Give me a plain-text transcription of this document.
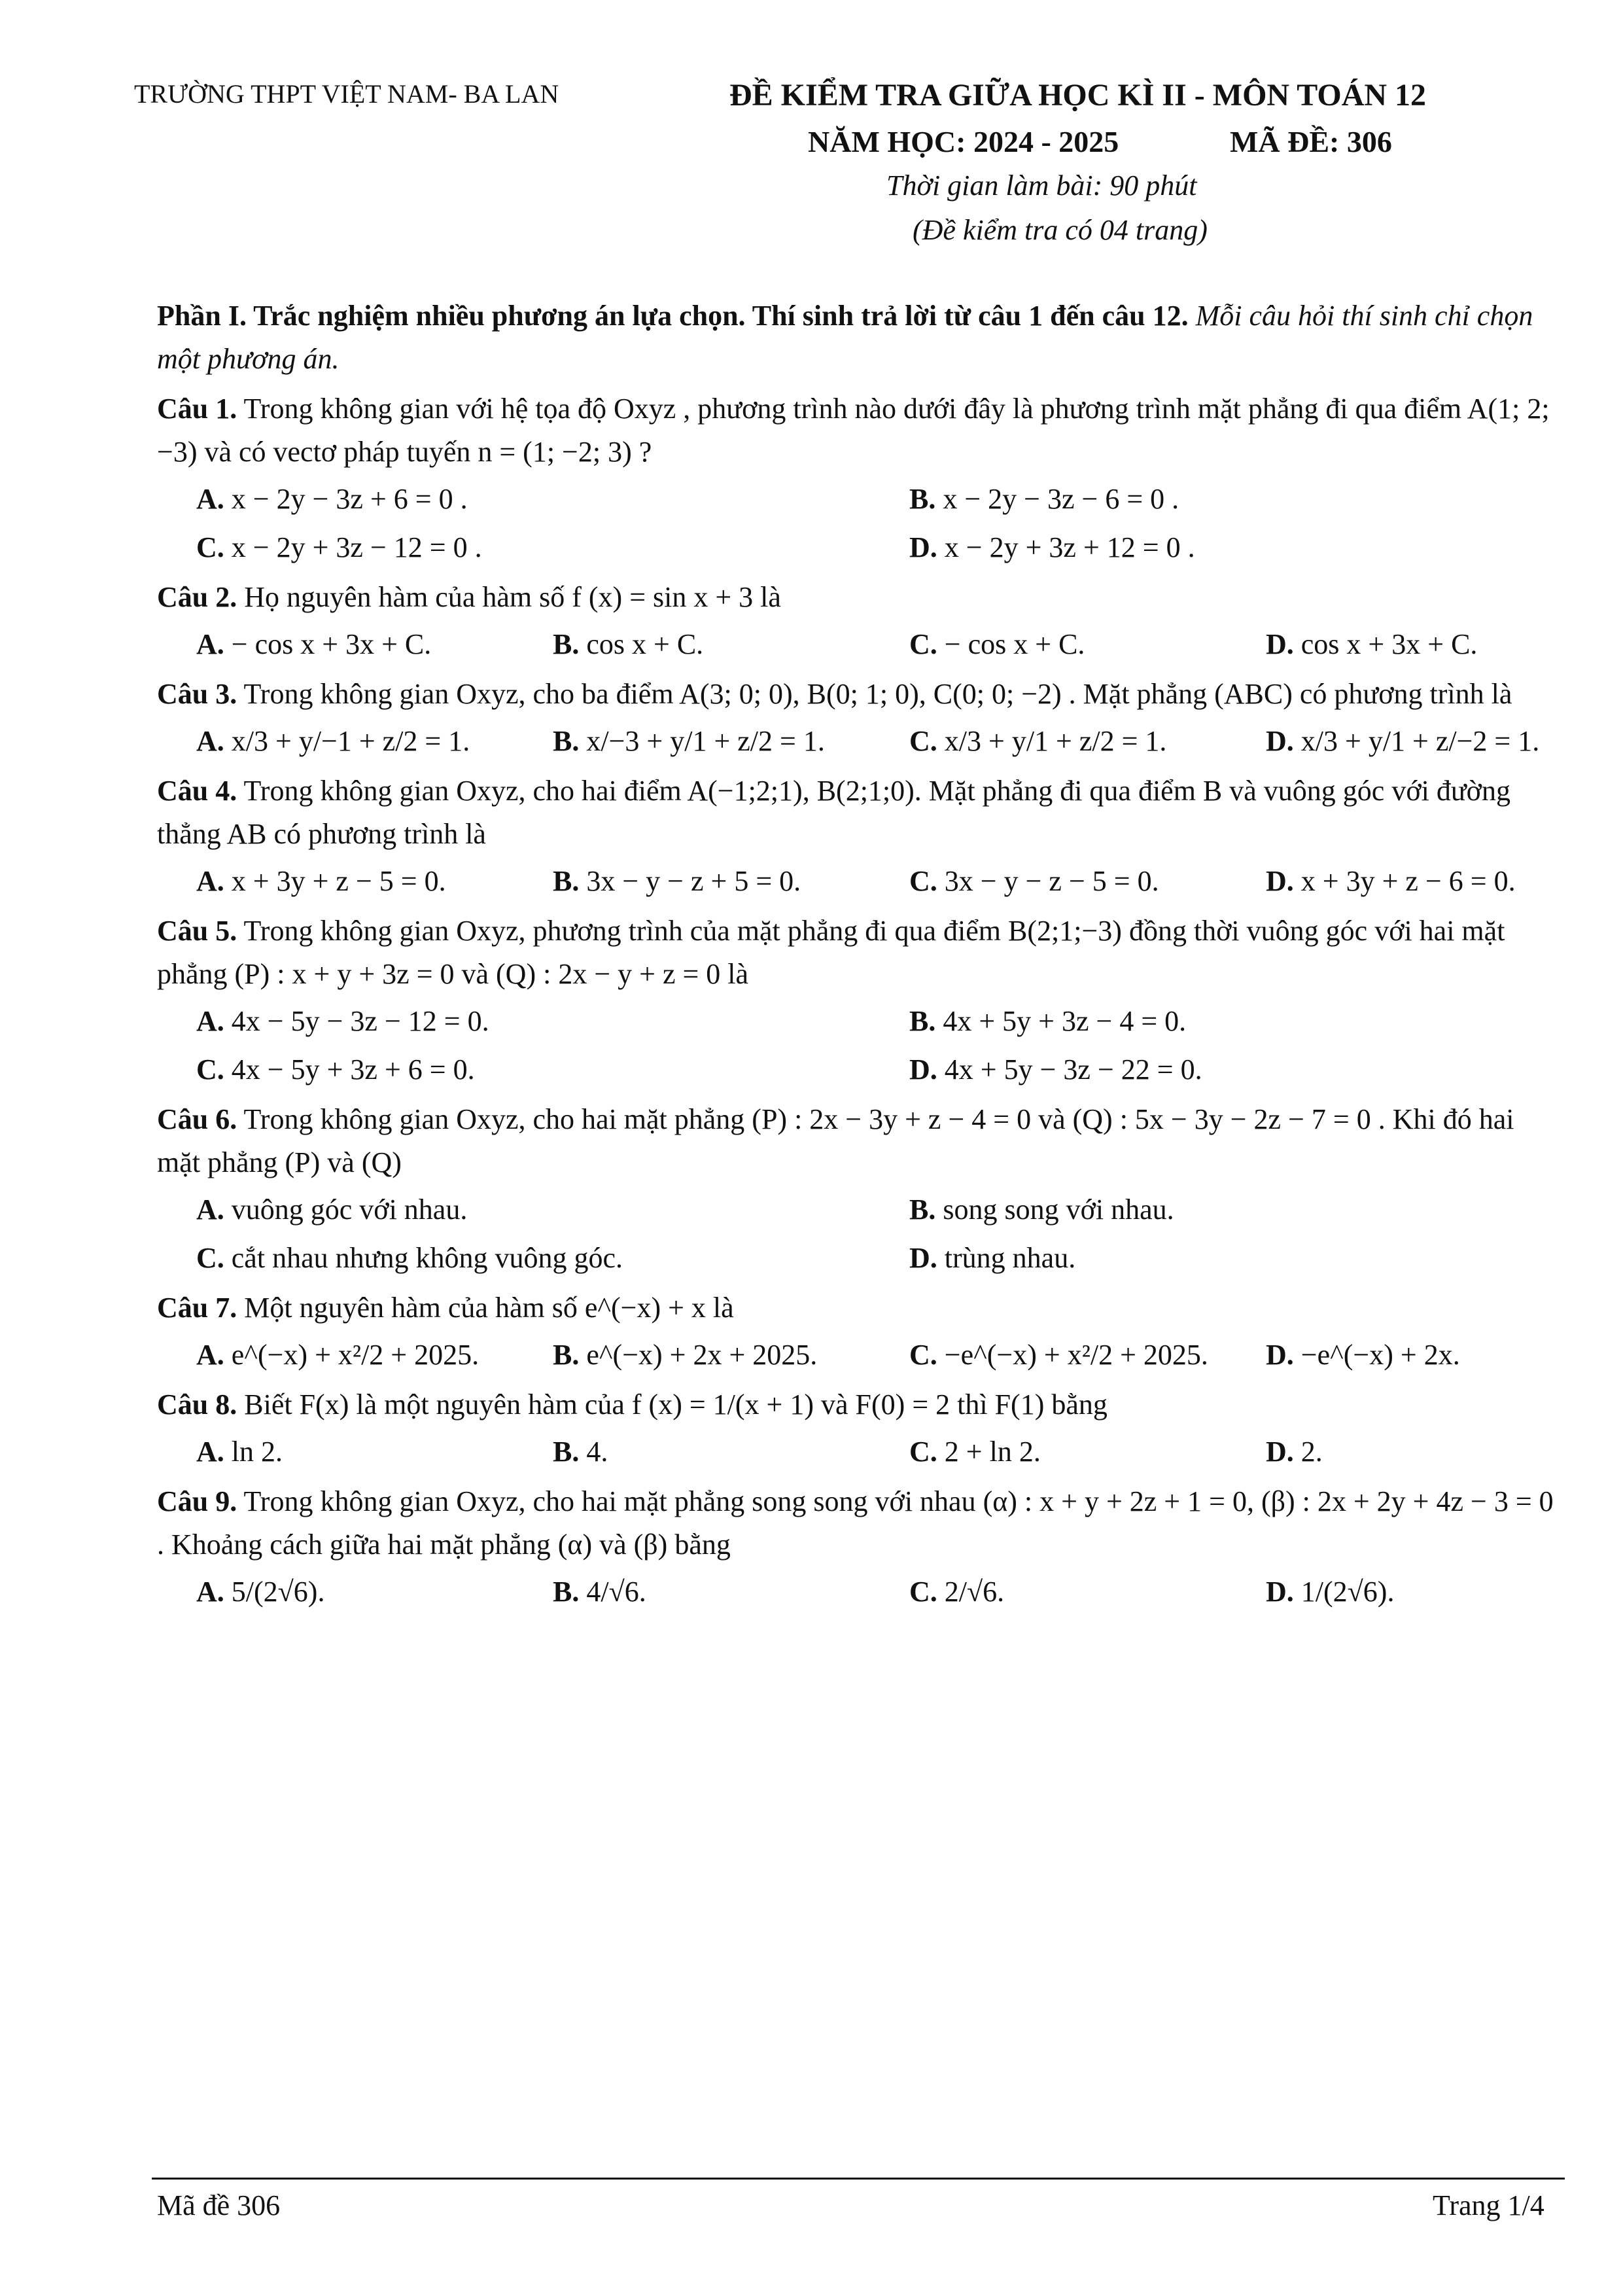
TRƯỜNG THPT VIỆT NAM- BA LAN	ĐỀ KIỂM TRA GIỮA HỌC KÌ II - MÔN TOÁN 12
NĂM HỌC: 2024 - 2025	MÃ ĐỀ: 306
Thời gian làm bài: 90 phút
(Đề kiểm tra có 04 trang)
Phần I. Trắc nghiệm nhiều phương án lựa chọn. Thí sinh trả lời từ câu 1 đến câu 12. Mỗi câu hỏi thí sinh chỉ chọn một phương án.
Câu 1. Trong không gian với hệ tọa độ Oxyz , phương trình nào dưới đây là phương trình mặt phẳng đi qua điểm A(1; 2; −3) và có vectơ pháp tuyến n = (1; −2; 3) ?
A. x − 2y − 3z + 6 = 0 .	B. x − 2y − 3z − 6 = 0 .
C. x − 2y + 3z − 12 = 0 .	D. x − 2y + 3z + 12 = 0 .
Câu 2. Họ nguyên hàm của hàm số f (x) = sin x + 3 là
A. − cos x + 3x + C.	B. cos x + C.	C. − cos x + C.	D. cos x + 3x + C.
Câu 3. Trong không gian Oxyz, cho ba điểm A(3; 0; 0), B(0; 1; 0), C(0; 0; −2) . Mặt phẳng (ABC) có phương trình là
A. x/3 + y/−1 + z/2 = 1.	B. x/−3 + y/1 + z/2 = 1.	C. x/3 + y/1 + z/2 = 1.	D. x/3 + y/1 + z/−2 = 1.
Câu 4. Trong không gian Oxyz, cho hai điểm A(−1;2;1), B(2;1;0). Mặt phẳng đi qua điểm B và vuông góc với đường thẳng AB có phương trình là
A. x + 3y + z − 5 = 0.	B. 3x − y − z + 5 = 0.	C. 3x − y − z − 5 = 0.	D. x + 3y + z − 6 = 0.
Câu 5. Trong không gian Oxyz, phương trình của mặt phẳng đi qua điểm B(2;1;−3) đồng thời vuông góc với hai mặt phẳng (P) : x + y + 3z = 0 và (Q) : 2x − y + z = 0 là
A. 4x − 5y − 3z − 12 = 0.	B. 4x + 5y + 3z − 4 = 0.
C. 4x − 5y + 3z + 6 = 0.	D. 4x + 5y − 3z − 22 = 0.
Câu 6. Trong không gian Oxyz, cho hai mặt phẳng (P) : 2x − 3y + z − 4 = 0 và (Q) : 5x − 3y − 2z − 7 = 0 . Khi đó hai mặt phẳng (P) và (Q)
A. vuông góc với nhau.	B. song song với nhau.
C. cắt nhau nhưng không vuông góc.	D. trùng nhau.
Câu 7. Một nguyên hàm của hàm số e^(−x) + x là
A. e^(−x) + x²/2 + 2025.	B. e^(−x) + 2x + 2025.	C. −e^(−x) + x²/2 + 2025.	D. −e^(−x) + 2x.
Câu 8. Biết F(x) là một nguyên hàm của f (x) = 1/(x + 1) và F(0) = 2 thì F(1) bằng
A. ln 2.	B. 4.	C. 2 + ln 2.	D. 2.
Câu 9. Trong không gian Oxyz, cho hai mặt phẳng song song với nhau (α) : x + y + 2z + 1 = 0, (β) : 2x + 2y + 4z − 3 = 0 . Khoảng cách giữa hai mặt phẳng (α) và (β) bằng
A. 5/(2√6).	B. 4/√6.	C. 2/√6.	D. 1/(2√6).
Mã đề 306	Trang 1/4
